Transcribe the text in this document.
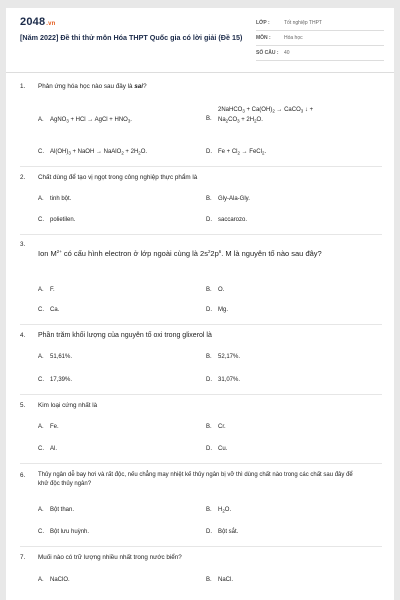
2048.vn
[Năm 2022] Đề thi thử môn Hóa THPT Quốc gia có lời giải (Đề 15)
LỚP :	Tốt nghiệp THPT
MÔN :	Hóa học
SỐ CÂU :	40
1.	Phản ứng hóa học nào sau đây là sai?
A. AgNO$_3$ + HCl → AgCl + $HNO_3$.	B.2NaHCO$_3$ + $Ca(OH)_2$ → CaCO$_3$ ↓ +
$Na_2CO_3 + 2H_2O$.
C. $Al(OH)_3$ + NaOH → NaAlO$_2$ + $2H_2O$.	D. $Fe + Cl_2$ → FeCl$_2$.
2.	Chất dùng để tạo vị ngọt trong công nghiệp thực phẩm là
A. tinh bột.	B. Gly-Ala-Gly.
C. polietilen.	D. saccarozo.
3.
Ion $M^{2+}$ có cấu hình electron ở lớp ngoài cùng là $2s^22p^6$. M là nguyên tố nào sau đây?
A. F.	B. O.
C. Ca.	D. Mg.
4.	Phần trăm khối lượng của nguyên tố oxi trong glixerol là
A. 51,61%.	B. 52,17%.
C. 17,39%.	D. 31,07%.
5.	Kim loại cứng nhất là
A. Fe.	B. Cr.
C. Al.	D. Cu.
6.	Thủy ngân dễ bay hơi và rất độc, nếu chẳng may nhiệt kế thủy ngân bị vỡ thì dùng chất nào trong các chất sau đây để khử độc thủy ngân?
A. Bột than.	B. $H_2O$.
C. Bột lưu huỳnh.	D. Bột sắt.
7.	Muối nào có trữ lượng nhiều nhất trong nước biển?
A. NaClO.	B. NaCl.
